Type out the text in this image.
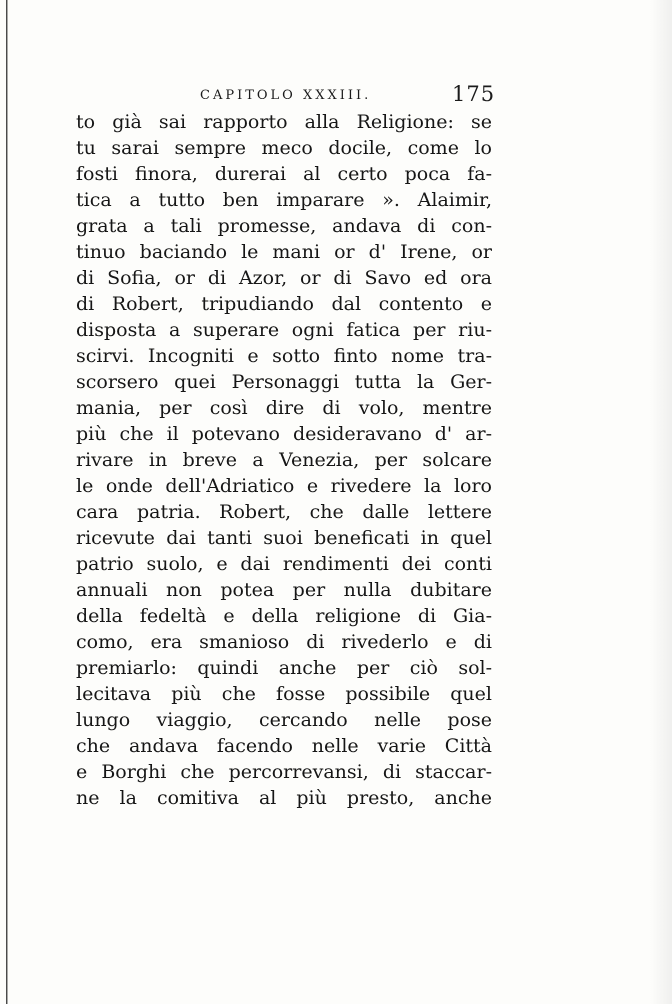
CAPITOLO XXXIII.	175
to già sai rapporto alla Religione: se
tu sarai sempre meco docile, come lo
fosti finora, durerai al certo poca fa-
tica a tutto ben imparare ». Alaimir,
grata a tali promesse, andava di con-
tinuo baciando le mani or d' Irene, or
di Sofia, or di Azor, or di Savo ed ora
di Robert, tripudiando dal contento e
disposta a superare ogni fatica per riu-
scirvi. Incogniti e sotto finto nome tra-
scorsero quei Personaggi tutta la Ger-
mania, per così dire di volo, mentre
più che il potevano desideravano d' ar-
rivare in breve a Venezia, per solcare
le onde dell'Adriatico e rivedere la loro
cara patria. Robert, che dalle lettere
ricevute dai tanti suoi beneficati in quel
patrio suolo, e dai rendimenti dei conti
annuali non potea per nulla dubitare
della fedeltà e della religione di Gia-
como, era smanioso di rivederlo e di
premiarlo: quindi anche per ciò sol-
lecitava più che fosse possibile quel
lungo viaggio, cercando nelle pose
che andava facendo nelle varie Città
e Borghi che percorrevansi, di staccar-
ne la comitiva al più presto, anche
